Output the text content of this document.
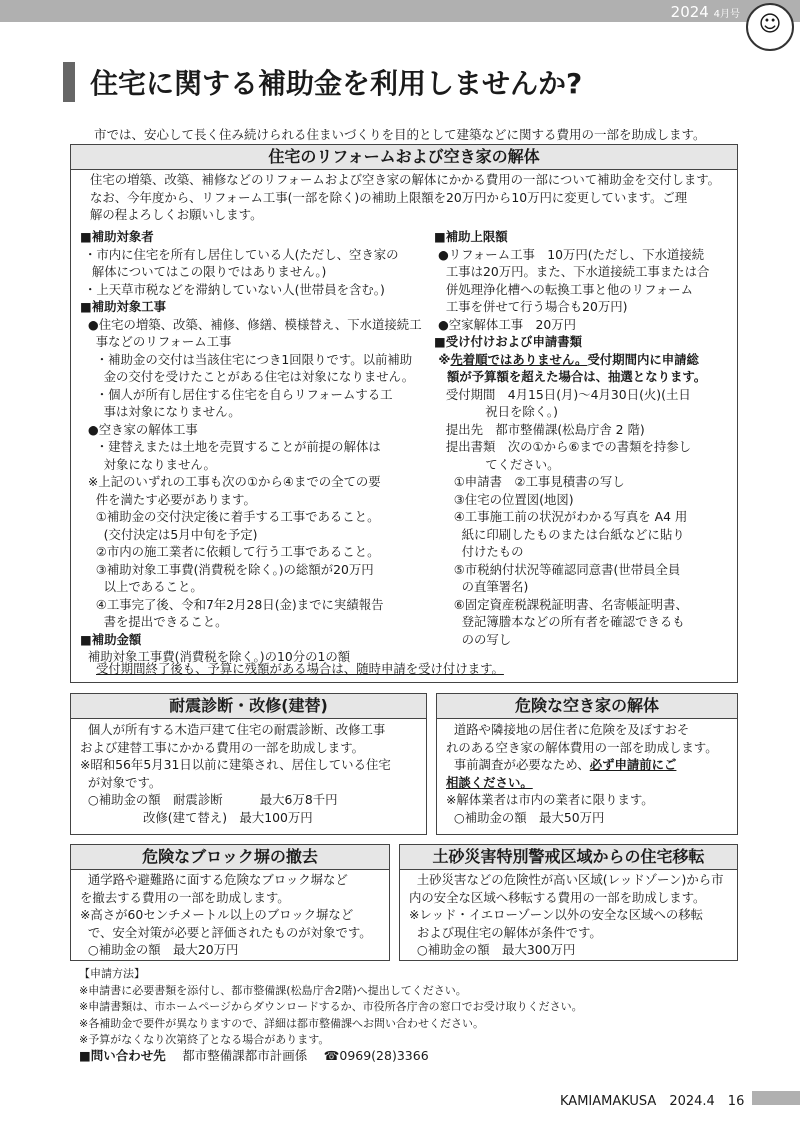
2024 4月号 ☺
住宅に関する補助金を利用しませんか?
市では、安心して長く住み続けられる住まいづくりを目的として建築などに関する費用の一部を助成します。
住宅のリフォームおよび空き家の解体
住宅の増築、改築、補修などのリフォームおよび空き家の解体にかかる費用の一部について補助金を交付します。
なお、今年度から、リフォーム工事(一部を除く)の補助上限額を20万円から10万円に変更しています。ご理
解の程よろしくお願いします。
■補助対象者
・市内に住宅を所有し居住している人(ただし、空き家の
解体についてはこの限りではありません。)
・上天草市税などを滞納していない人(世帯員を含む。)
■補助対象工事
●住宅の増築、改築、補修、修繕、模様替え、下水道接続工
事などのリフォーム工事
・補助金の交付は当該住宅につき1回限りです。以前補助
金の交付を受けたことがある住宅は対象になりません。
・個人が所有し居住する住宅を自らリフォームする工
事は対象になりません。
●空き家の解体工事
・建替えまたは土地を売買することが前提の解体は
対象になりません。
※上記のいずれの工事も次の①から④までの全ての要
件を満たす必要があります。
①補助金の交付決定後に着手する工事であること。
(交付決定は5月中旬を予定)
②市内の施工業者に依頼して行う工事であること。
③補助対象工事費(消費税を除く。)の総額が20万円
以上であること。
④工事完了後、令和7年2月28日(金)までに実績報告
書を提出できること。
■補助金額
補助対象工事費(消費税を除く。)の10分の1の額
■補助上限額
●リフォーム工事　10万円(ただし、下水道接続
工事は20万円。また、下水道接続工事または合
併処理浄化槽への転換工事と他のリフォーム
工事を併せて行う場合も20万円)
●空家解体工事　20万円
■受け付けおよび申請書類
※先着順ではありません。受付期間内に申請総
額が予算額を超えた場合は、抽選となります。
受付期間　4月15日(月)～4月30日(火)(土日
祝日を除く。)
提出先　都市整備課(松島庁舎 2 階)
提出書類　次の①から⑥までの書類を持参し
てください。
①申請書　②工事見積書の写し
③住宅の位置図(地図)
④工事施工前の状況がわかる写真を A4 用
紙に印刷したものまたは台紙などに貼り
付けたもの
⑤市税納付状況等確認同意書(世帯員全員
の直筆署名)
⑥固定資産税課税証明書、名寄帳証明書、
登記簿謄本などの所有者を確認できるも
のの写し
受付期間終了後も、予算に残額がある場合は、随時申請を受け付けます。
耐震診断・改修(建替)
個人が所有する木造戸建て住宅の耐震診断、改修工事
および建替工事にかかる費用の一部を助成します。
※昭和56年5月31日以前に建築され、居住している住宅
が対象です。
○補助金の額　耐震診断　　　最大6万8千円
改修(建て替え)　最大100万円
危険な空き家の解体
道路や隣接地の居住者に危険を及ぼすおそ
れのある空き家の解体費用の一部を助成します。
事前調査が必要なため、必ず申請前にご
相談ください。
※解体業者は市内の業者に限ります。
○補助金の額　最大50万円
危険なブロック塀の撤去
通学路や避難路に面する危険なブロック塀など
を撤去する費用の一部を助成します。
※高さが60センチメートル以上のブロック塀など
で、安全対策が必要と評価されたものが対象です。
○補助金の額　最大20万円
土砂災害特別警戒区域からの住宅移転
土砂災害などの危険性が高い区域(レッドゾーン)から市
内の安全な区域へ移転する費用の一部を助成します。
※レッド・イエローゾーン以外の安全な区域への移転
および現住宅の解体が条件です。
○補助金の額　最大300万円
【申請方法】
※申請書に必要書類を添付し、都市整備課(松島庁舎2階)へ提出してください。
※申請書類は、市ホームページからダウンロードするか、市役所各庁舎の窓口でお受け取りください。
※各補助金で要件が異なりますので、詳細は都市整備課へお問い合わせください。
※予算がなくなり次第終了となる場合があります。
■問い合わせ先　 都市整備課都市計画係　 ☎0969(28)3366
KAMIAMAKUSA　2024.4　16
